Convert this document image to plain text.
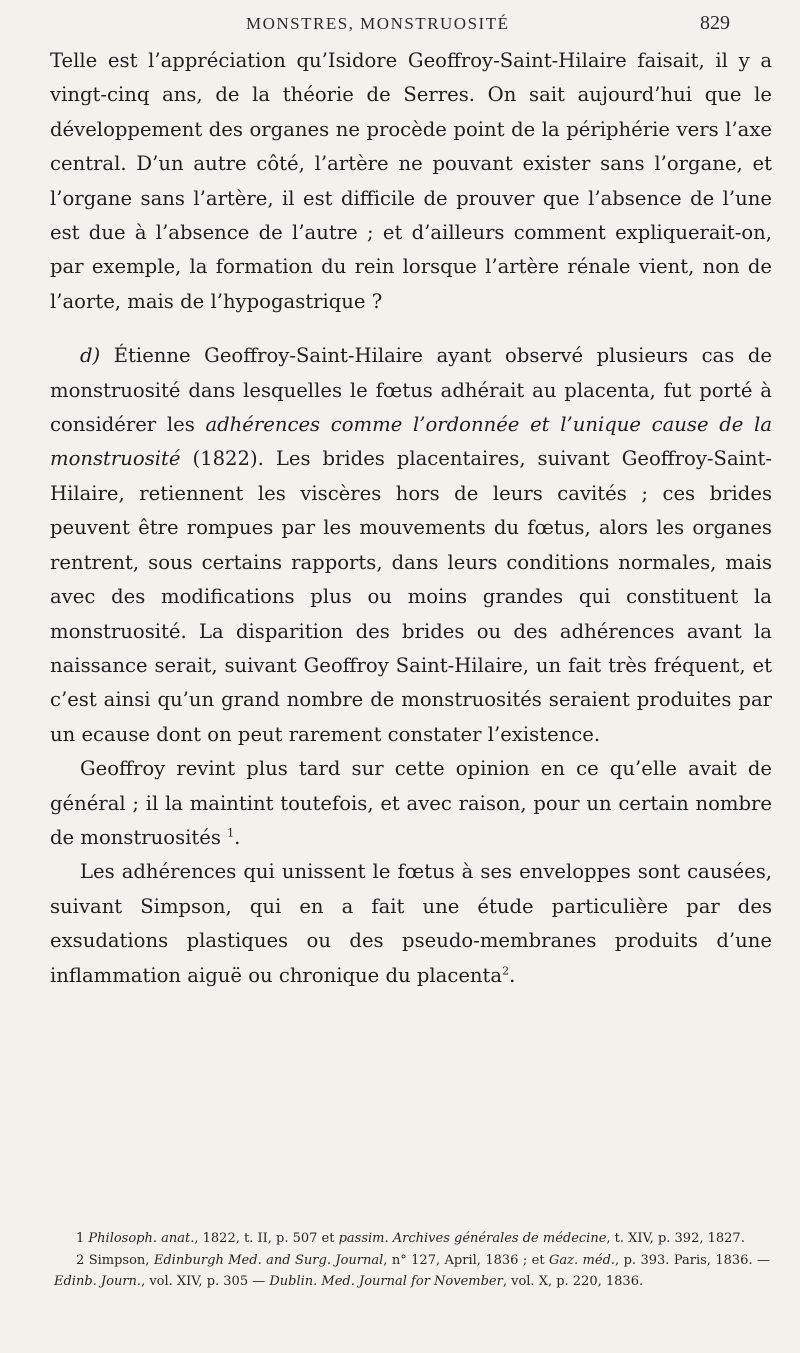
MONSTRES, MONSTRUOSITÉ	829

Telle est l’appréciation qu’Isidore Geoffroy-Saint-Hilaire faisait, il y a vingt-cinq ans, de la théorie de Serres. On sait aujourd’hui que le développement des organes ne procède point de la périphérie vers l’axe central. D’un autre côté, l’artère ne pouvant exister sans l’organe, et l’organe sans l’artère, il est difficile de prouver que l’absence de l’une est due à l’absence de l’autre ; et d’ailleurs comment expliquerait-on, par exemple, la formation du rein lorsque l’artère rénale vient, non de l’aorte, mais de l’hypogastrique ?

d) Étienne Geoffroy-Saint-Hilaire ayant observé plusieurs cas de monstruosité dans lesquelles le fœtus adhérait au placenta, fut porté à considérer les adhérences comme l’ordonnée et l’unique cause de la monstruosité (1822). Les brides placentaires, suivant Geoffroy-Saint-Hilaire, retiennent les viscères hors de leurs cavités ; ces brides peuvent être rompues par les mouvements du fœtus, alors les organes rentrent, sous certains rapports, dans leurs conditions normales, mais avec des modifications plus ou moins grandes qui constituent la monstruosité. La disparition des brides ou des adhérences avant la naissance serait, suivant Geoffroy Saint-Hilaire, un fait très fréquent, et c’est ainsi qu’un grand nombre de monstruosités seraient produites par un ecause dont on peut rarement constater l’existence.

Geoffroy revint plus tard sur cette opinion en ce qu’elle avait de général ; il la maintint toutefois, et avec raison, pour un certain nombre de monstruosités $^1$.

Les adhérences qui unissent le fœtus à ses enveloppes sont causées, suivant Simpson, qui en a fait une étude particulière par des exsudations plastiques ou des pseudo-membranes produits d’une inflammation aiguë ou chronique du placenta$^2$.

1 Philosoph. anat., 1822, t. II, p. 507 et passim. Archives générales de médecine, t. XIV, p. 392, 1827.

2 Simpson, Edinburgh Med. and Surg. Journal, n° 127, April, 1836 ; et Gaz. méd., p. 393. Paris, 1836. — Edinb. Journ., vol. XIV, p. 305 — Dublin. Med. Journal for November, vol. X, p. 220, 1836.
